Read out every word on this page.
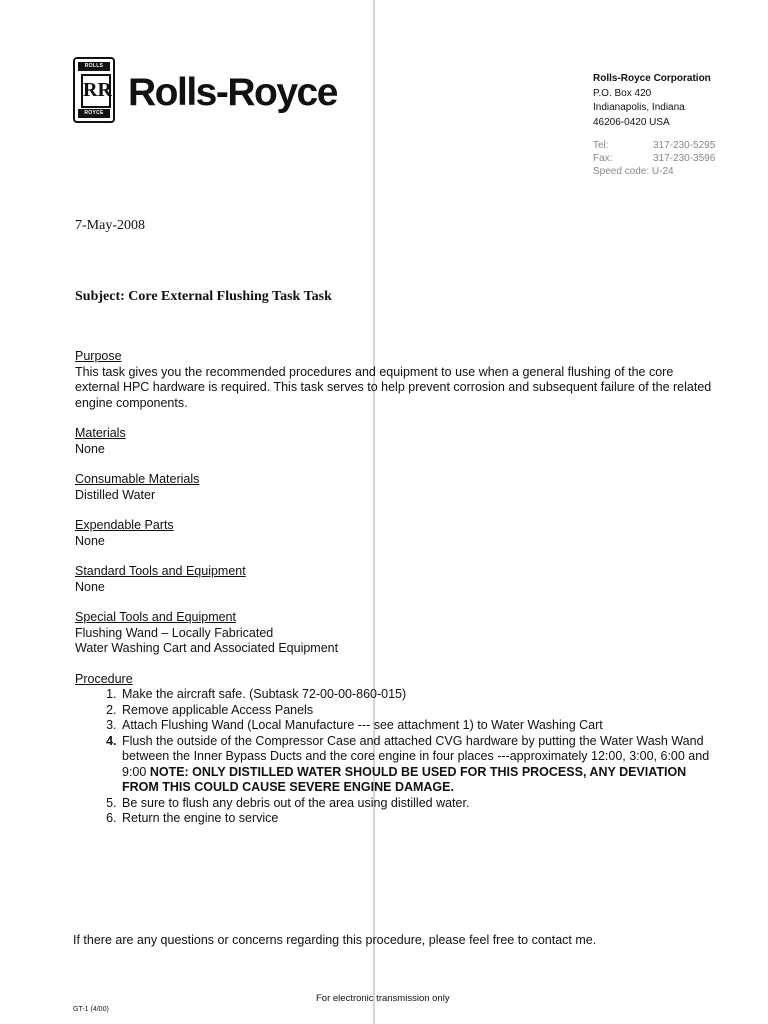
ROLLS
RR
ROYCE Rolls-Royce	Rolls-Royce Corporation
P.O. Box 420
Indianapolis, Indiana
46206-0420 USA
Tel:	317-230-5295
Fax:	317-230-3596
Speed code: U-24
7-May-2008
Subject: Core External Flushing Task Task
Purpose
This task gives you the recommended procedures and equipment to use when a general flushing of the core external HPC hardware is required. This task serves to help prevent corrosion and subsequent failure of the related engine components.
Materials
None
Consumable Materials
Distilled Water
Expendable Parts
None
Standard Tools and Equipment
None
Special Tools and Equipment
Flushing Wand – Locally Fabricated
Water Washing Cart and Associated Equipment
Procedure
1. Make the aircraft safe. (Subtask 72-00-00-860-015)
2. Remove applicable Access Panels
3. Attach Flushing Wand (Local Manufacture --- see attachment 1) to Water Washing Cart
4. Flush the outside of the Compressor Case and attached CVG hardware by putting the Water Wash Wand between the Inner Bypass Ducts and the core engine in four places ---approximately 12:00, 3:00, 6:00 and 9:00 NOTE: ONLY DISTILLED WATER SHOULD BE USED FOR THIS PROCESS, ANY DEVIATION FROM THIS COULD CAUSE SEVERE ENGINE DAMAGE.
5. Be sure to flush any debris out of the area using distilled water.
6. Return the engine to service
If there are any questions or concerns regarding this procedure, please feel free to contact me.
For electronic transmission only
GT-1 (4/00)
